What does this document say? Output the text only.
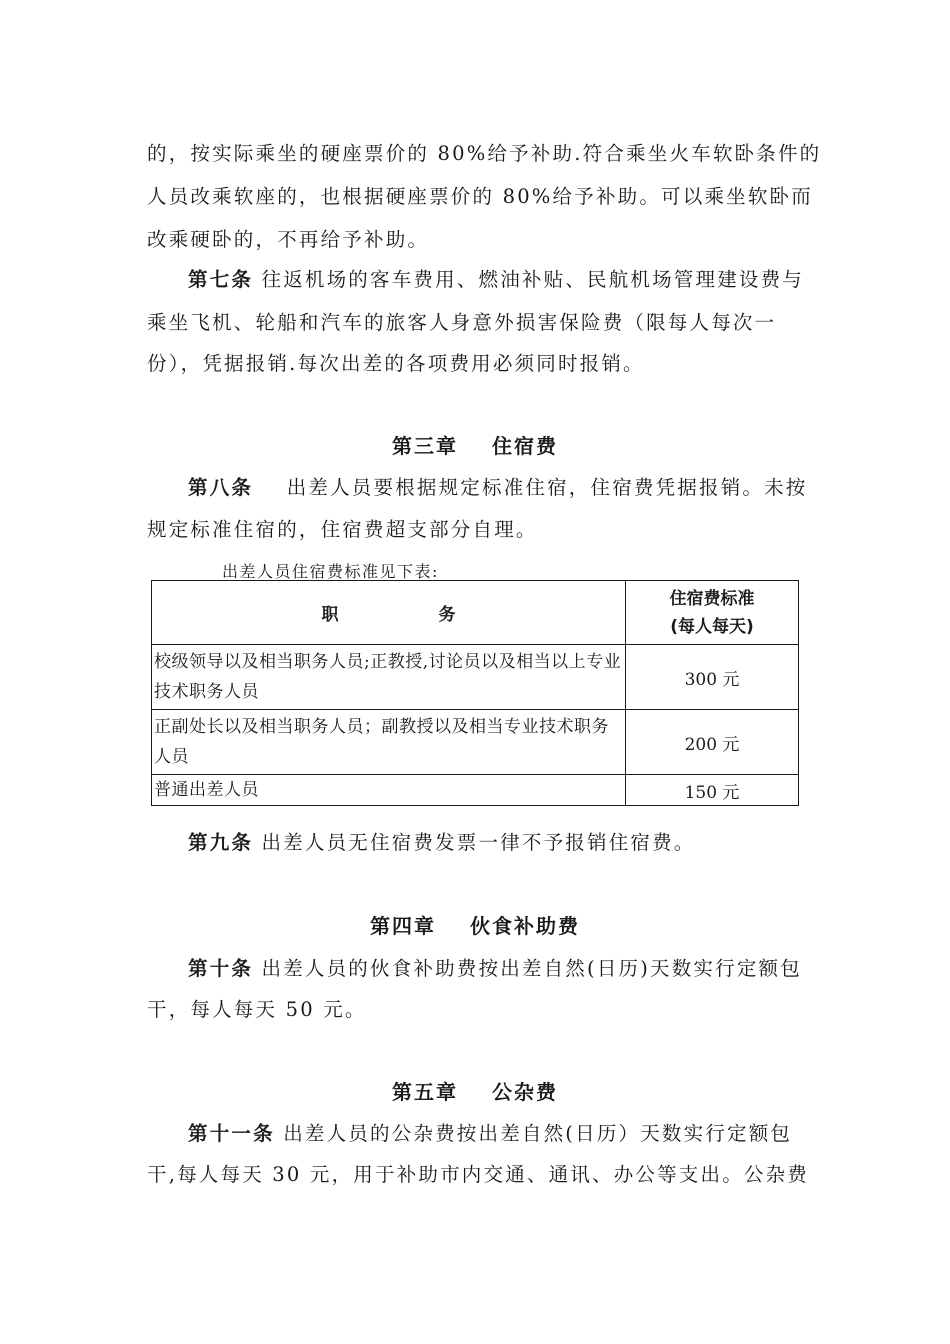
的，按实际乘坐的硬座票价的 80%给予补助.符合乘坐火车软卧条件的
人员改乘软座的，也根据硬座票价的 80%给予补助。可以乘坐软卧而
改乘硬卧的，不再给予补助。
第七条 往返机场的客车费用、燃油补贴、民航机场管理建设费与
乘坐飞机、轮船和汽车的旅客人身意外损害保险费（限每人每次一
份），凭据报销.每次出差的各项费用必须同时报销。
第三章 住宿费
第八条    出差人员要根据规定标准住宿，住宿费凭据报销。未按
规定标准住宿的，住宿费超支部分自理。
出差人员住宿费标准见下表:
职 务	住宿费标准
(每人每天)
校级领导以及相当职务人员;正教授,讨论员以及相当以上专业技术职务人员	300 元
正副处长以及相当职务人员；副教授以及相当专业技术职务人员	200 元
普通出差人员	150 元
第九条 出差人员无住宿费发票一律不予报销住宿费。
第四章 伙食补助费
第十条 出差人员的伙食补助费按出差自然(日历)天数实行定额包
干，每人每天 50 元。
第五章 公杂费
第十一条 出差人员的公杂费按出差自然(日历）天数实行定额包
干,每人每天 30 元，用于补助市内交通、通讯、办公等支出。公杂费
